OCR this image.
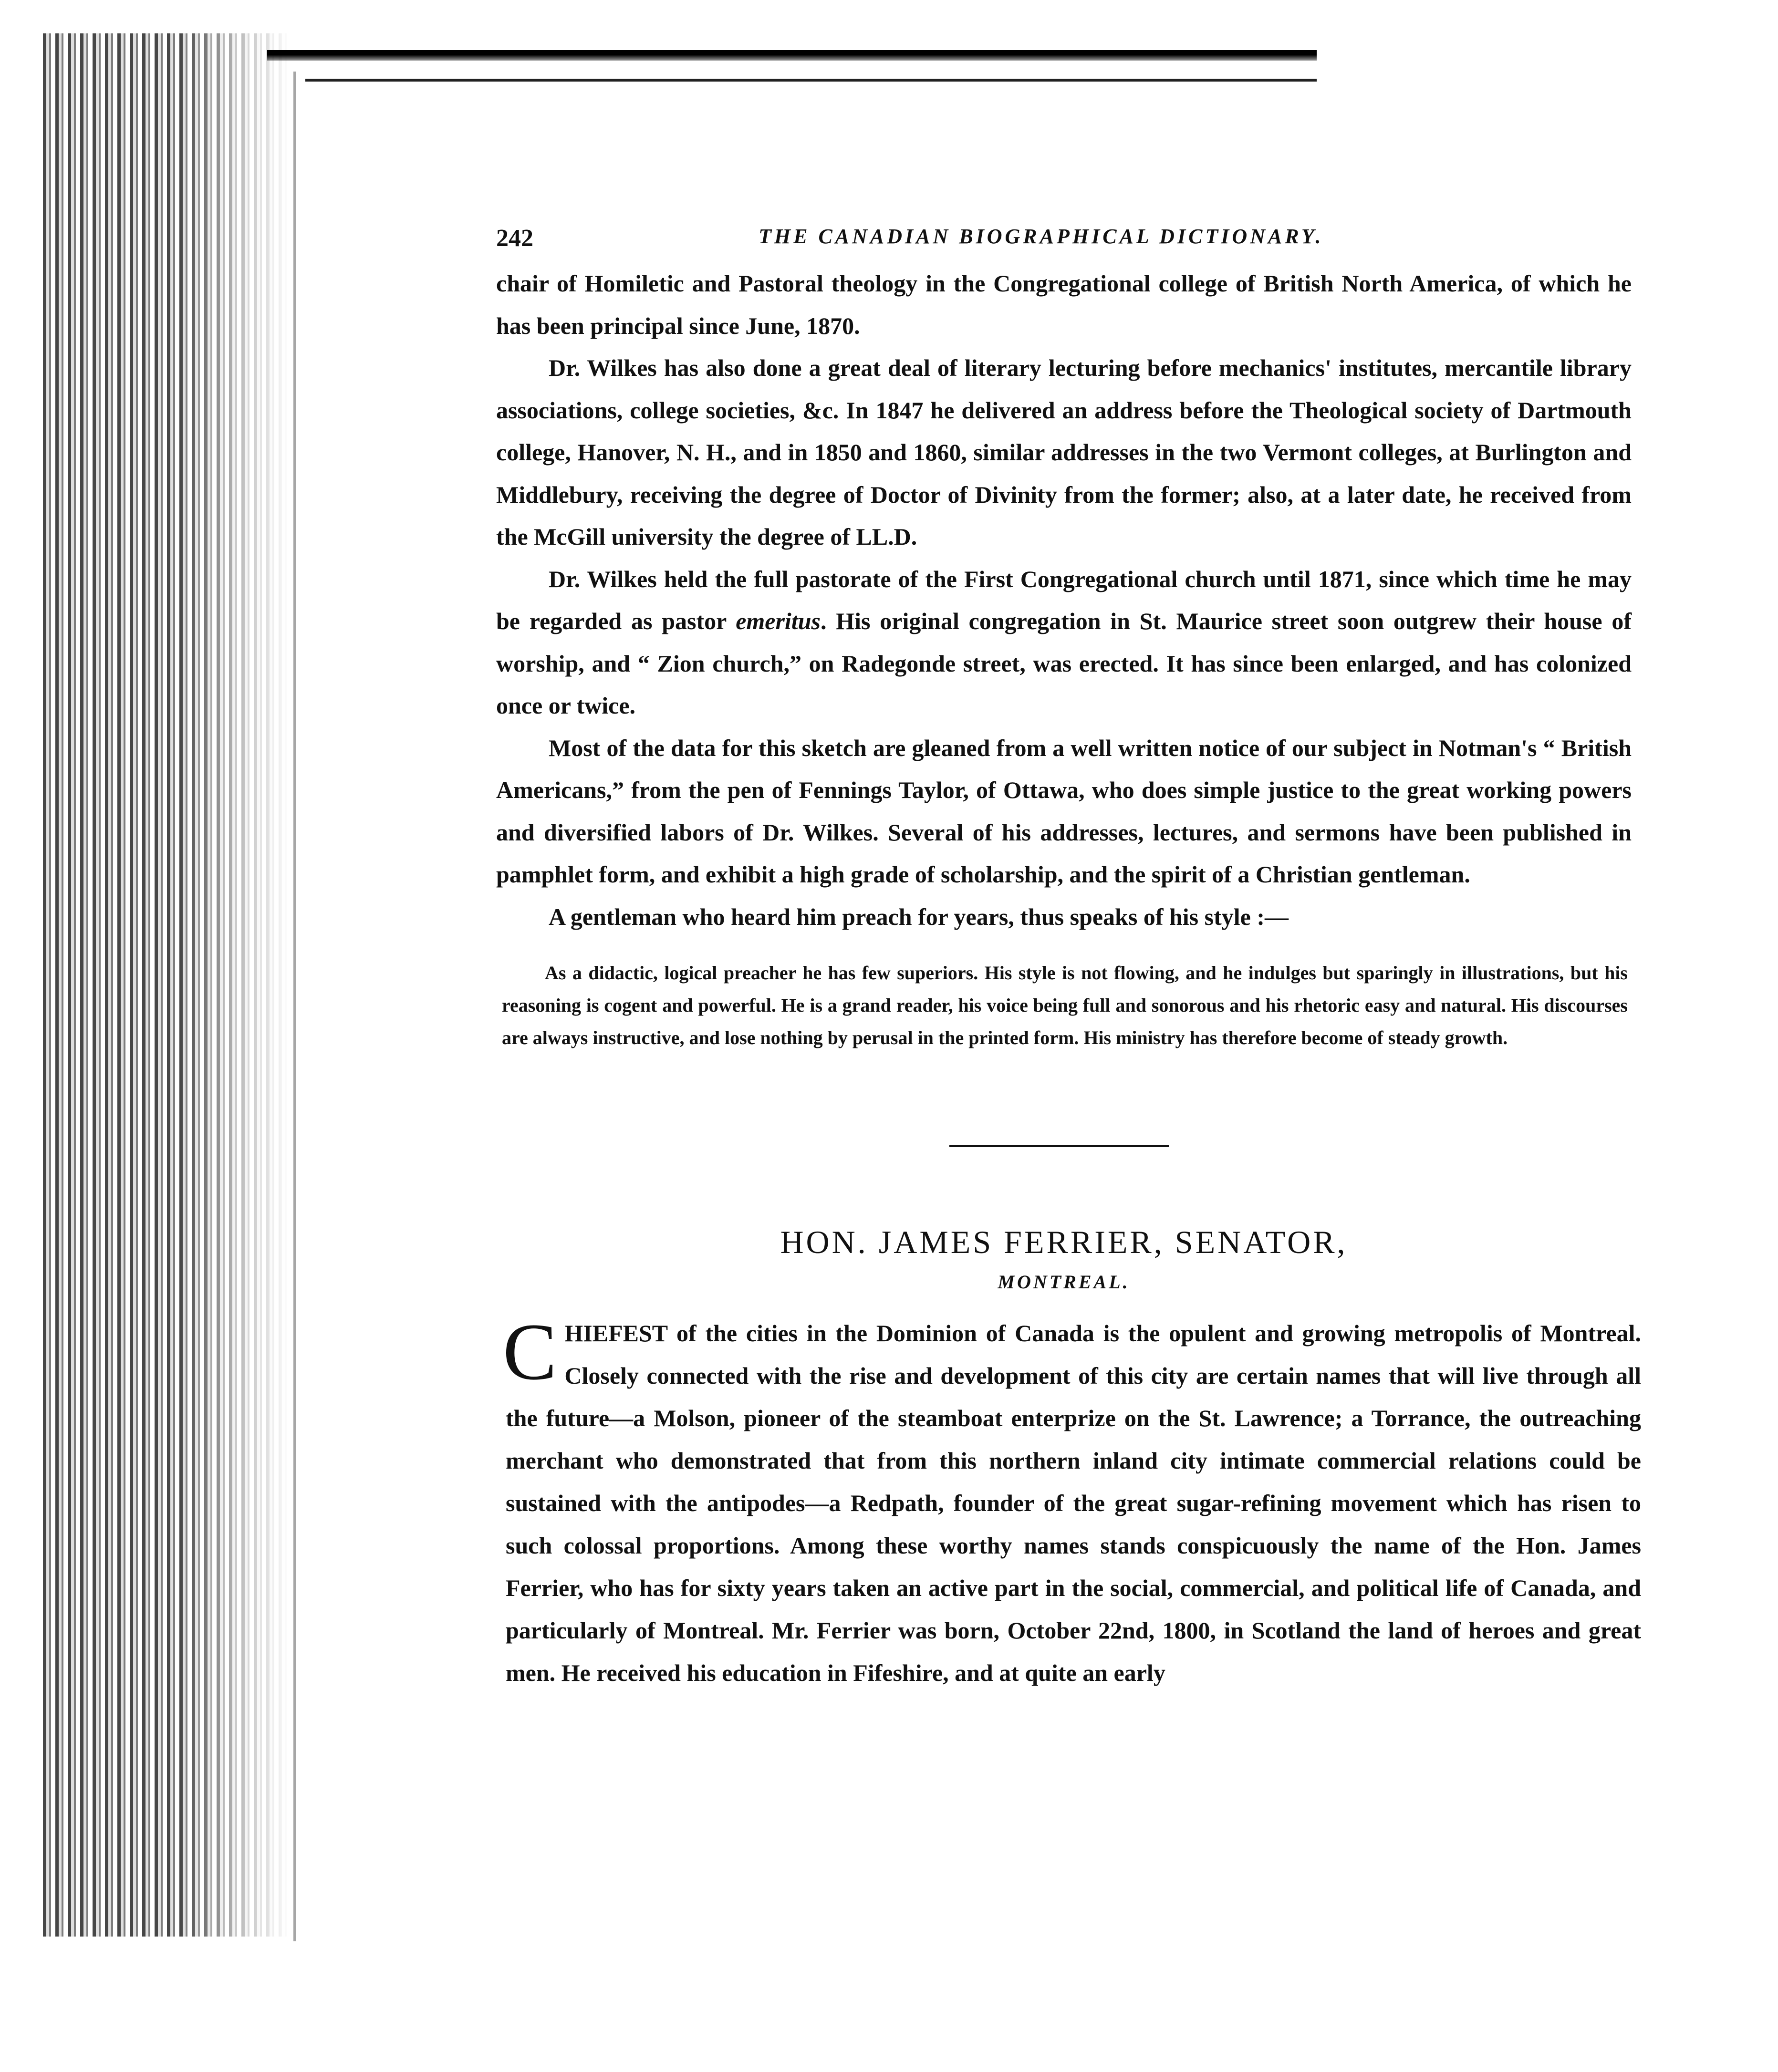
242	THE CANADIAN BIOGRAPHICAL DICTIONARY.

chair of Homiletic and Pastoral theology in the Congregational college of British North America, of which he has been principal since June, 1870.

Dr. Wilkes has also done a great deal of literary lecturing before mechanics' institutes, mercantile library associations, college societies, &c. In 1847 he delivered an address before the Theological society of Dartmouth college, Hanover, N. H., and in 1850 and 1860, similar addresses in the two Vermont colleges, at Burlington and Middlebury, receiving the degree of Doctor of Divinity from the former; also, at a later date, he received from the McGill university the degree of LL.D.

Dr. Wilkes held the full pastorate of the First Congregational church until 1871, since which time he may be regarded as pastor emeritus. His original congregation in St. Maurice street soon outgrew their house of worship, and “ Zion church,” on Radegonde street, was erected. It has since been enlarged, and has colonized once or twice.

Most of the data for this sketch are gleaned from a well written notice of our subject in Notman's “ British Americans,” from the pen of Fennings Taylor, of Ottawa, who does simple justice to the great working powers and diversified labors of Dr. Wilkes. Several of his addresses, lectures, and sermons have been published in pamphlet form, and exhibit a high grade of scholarship, and the spirit of a Christian gentleman.

A gentleman who heard him preach for years, thus speaks of his style :—

As a didactic, logical preacher he has few superiors. His style is not flowing, and he indulges but sparingly in illustrations, but his reasoning is cogent and powerful. He is a grand reader, his voice being full and sonorous and his rhetoric easy and natural. His discourses are always instructive, and lose nothing by perusal in the printed form. His ministry has therefore become of steady growth.

HON. JAMES FERRIER, SENATOR,
MONTREAL.
C HIEFEST of the cities in the Dominion of Canada is the opulent and growing metropolis of Montreal. Closely connected with the rise and development of this city are certain names that will live through all the future—a Molson, pioneer of the steamboat enterprize on the St. Lawrence; a Torrance, the outreaching merchant who demonstrated that from this northern inland city intimate commercial relations could be sustained with the antipodes—a Redpath, founder of the great sugar-refining movement which has risen to such colossal proportions. Among these worthy names stands conspicuously the name of the Hon. James Ferrier, who has for sixty years taken an active part in the social, commercial, and political life of Canada, and particularly of Montreal. Mr. Ferrier was born, October 22nd, 1800, in Scotland the land of heroes and great men. He received his education in Fifeshire, and at quite an early
